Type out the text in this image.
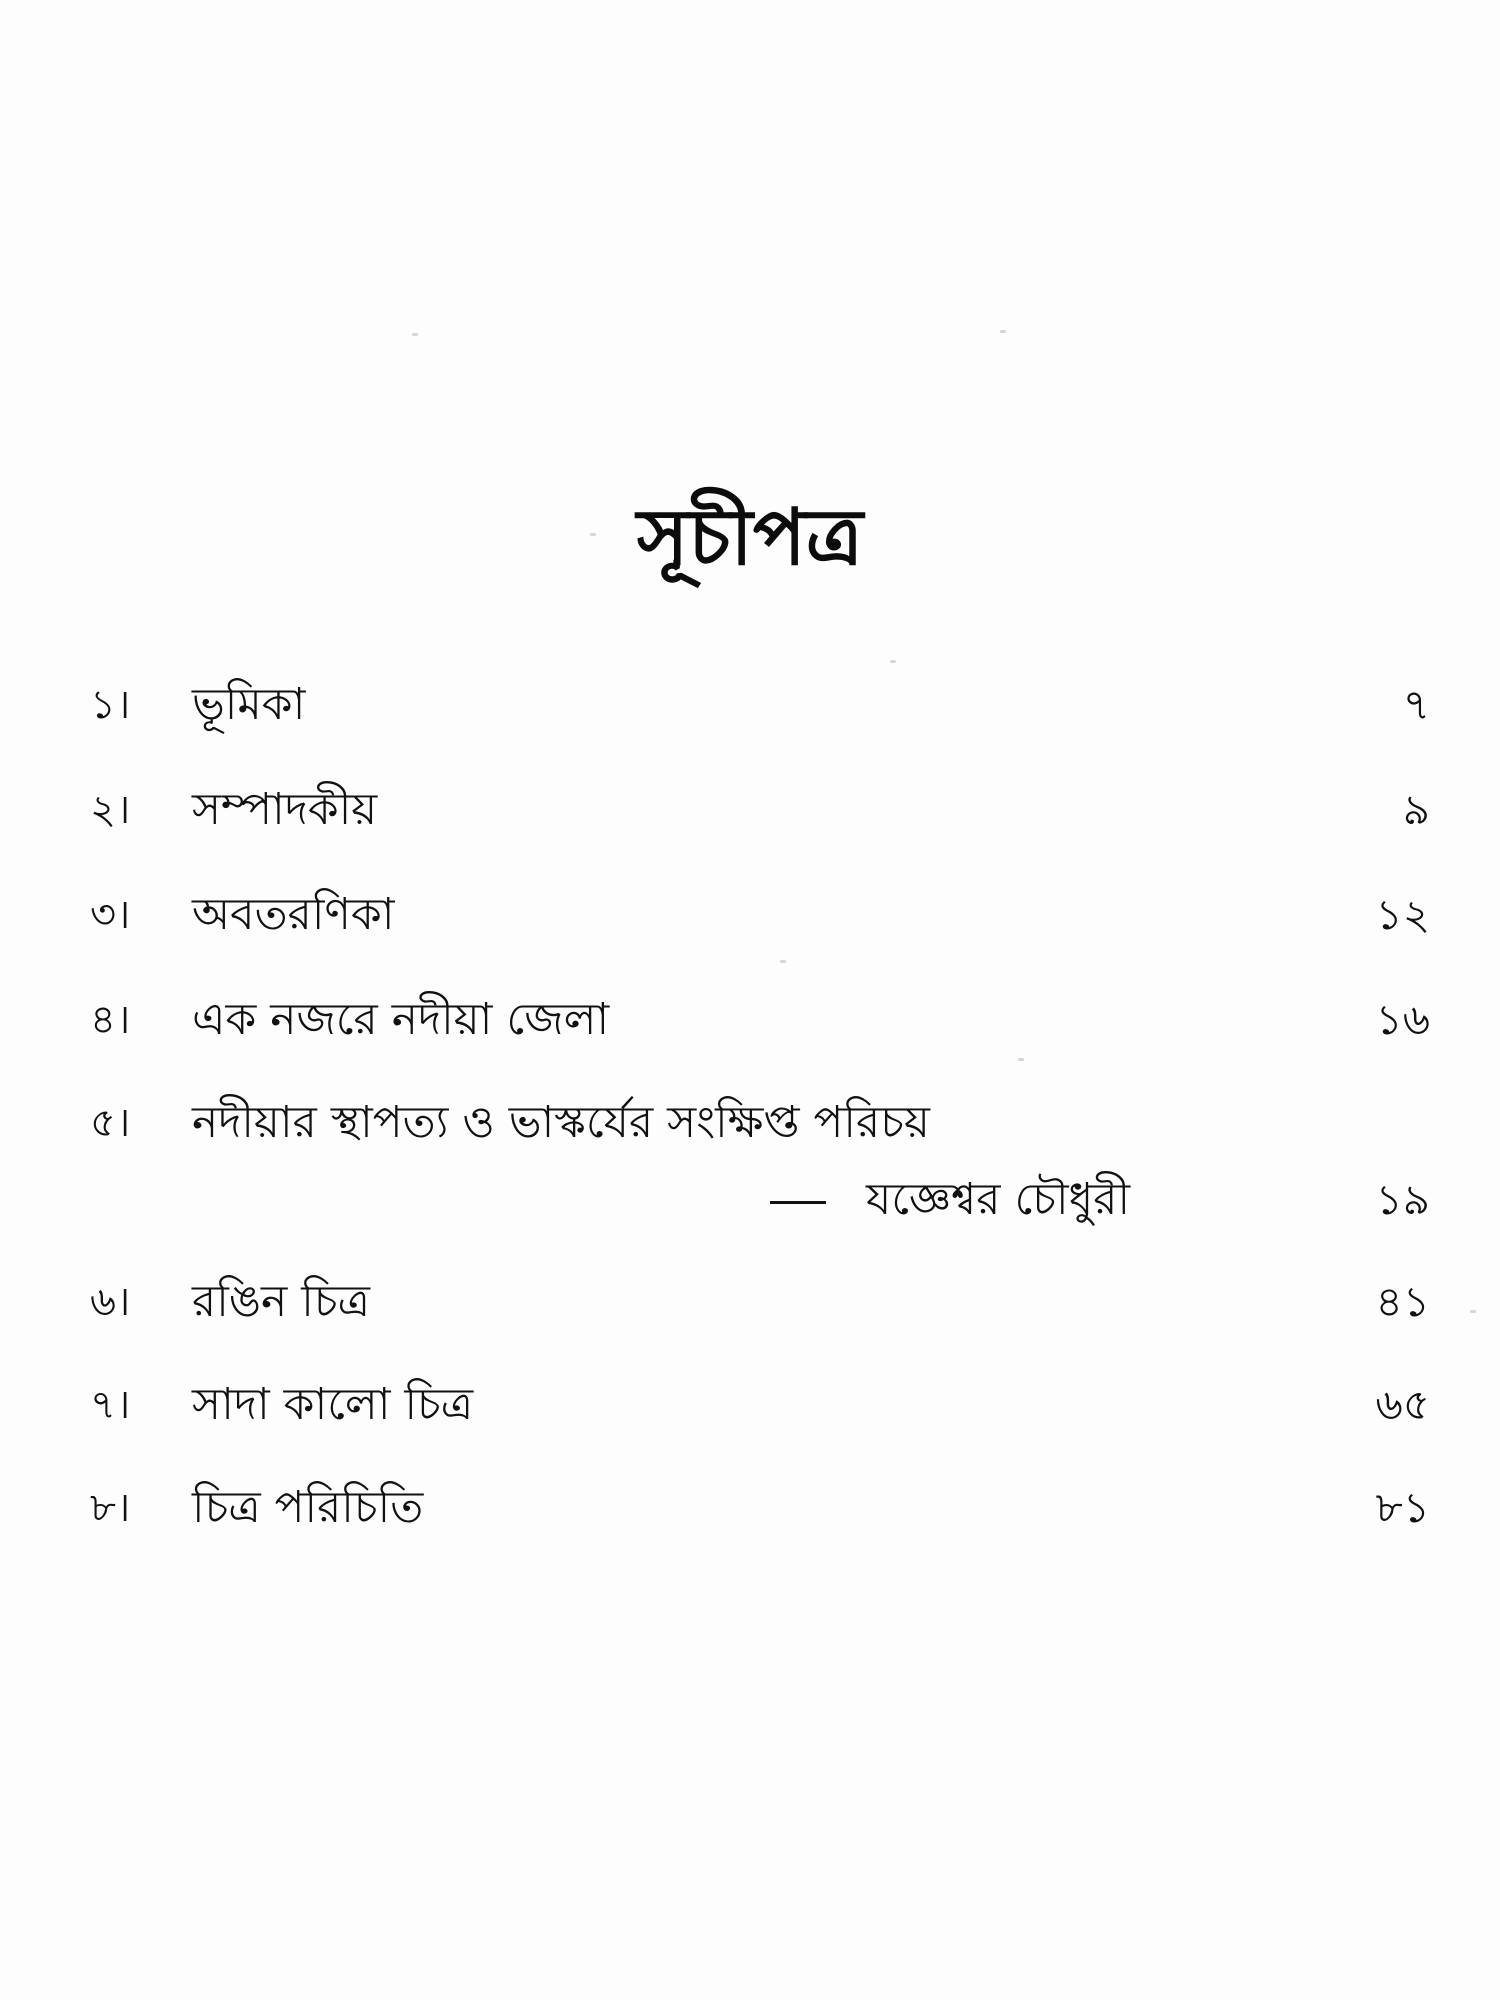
সূচীপত্র
১। ভূমিকা	৭
২। সম্পাদকীয়	৯
৩। অবতরণিকা	১২
৪। এক নজরে নদীয়া জেলা	১৬
৫। নদীয়ার স্থাপত্য ও ভাস্কর্যের সংক্ষিপ্ত পরিচয়
যজ্ঞেশ্বর চৌধুরী	১৯
৬। রঙিন চিত্র	৪১
৭। সাদা কালো চিত্র	৬৫
৮। চিত্র পরিচিতি	৮১
